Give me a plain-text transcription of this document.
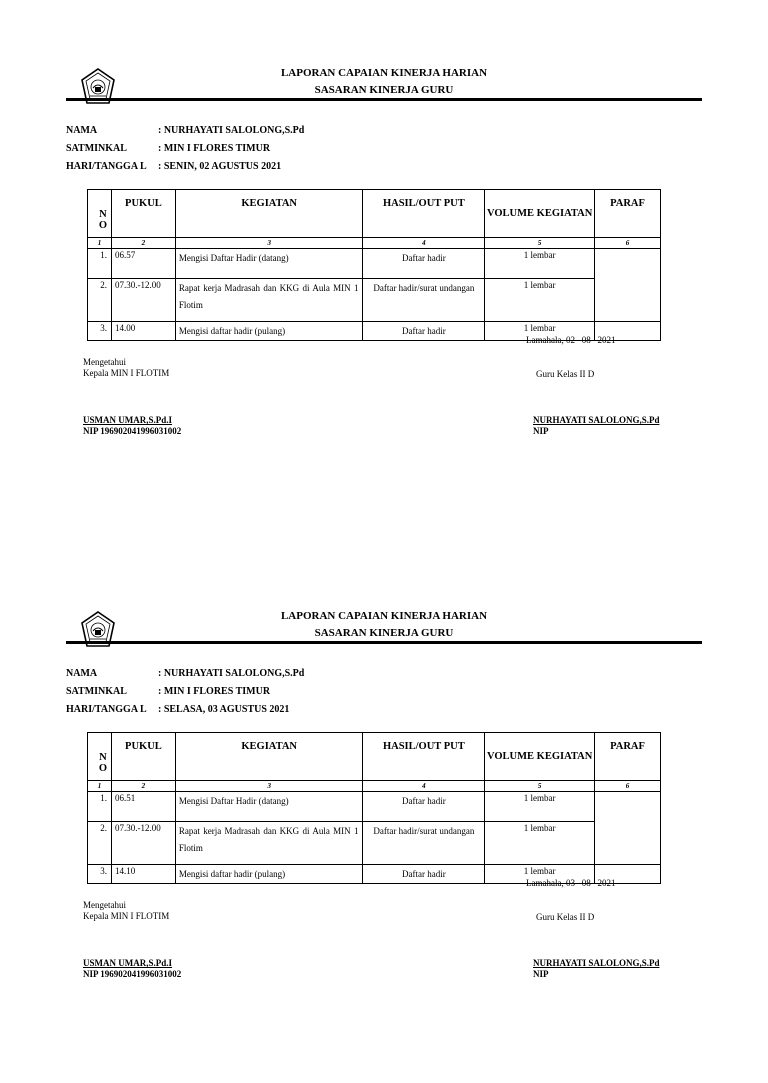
LAPORAN CAPAIAN KINERJA HARIAN
SASARAN KINERJA GURU
NAMA	: NURHAYATI SALOLONG,S.Pd
SATMINKAL	: MIN I FLORES TIMUR
HARI/TANGGA L : SENIN, 02 AGUSTUS 2021
N O	PUKUL	KEGIATAN	HASIL/OUT PUT	VOLUME KEGIATAN	PARAF
1	2	3	4	5	6
1.	06.57	Mengisi Daftar Hadir (datang)	Daftar hadir	1 lembar	
2.	07.30.-12.00	Rapat kerja Madrasah dan KKG di Aula MIN 1 Flotim	Daftar hadir/surat undangan	1 lembar	
3.	14.00	Mengisi daftar hadir (pulang)	Daftar hadir	1 lembar	
Lamahala, 02– 08– 2021
Mengetahui
Kepala MIN I FLOTIM	Guru Kelas II D
USMAN UMAR,S.Pd.I
NIP 196902041996031002
NURHAYATI SALOLONG,S.Pd
NIP
LAPORAN CAPAIAN KINERJA HARIAN
SASARAN KINERJA GURU
NAMA	: NURHAYATI SALOLONG,S.Pd
SATMINKAL	: MIN I FLORES TIMUR
HARI/TANGGA L : SELASA, 03 AGUSTUS 2021
N O	PUKUL	KEGIATAN	HASIL/OUT PUT	VOLUME KEGIATAN	PARAF
1	2	3	4	5	6
1.	06.51	Mengisi Daftar Hadir (datang)	Daftar hadir	1 lembar	
2.	07.30.-12.00	Rapat kerja Madrasah dan KKG di Aula MIN 1 Flotim	Daftar hadir/surat undangan	1 lembar	
3.	14.10	Mengisi daftar hadir (pulang)	Daftar hadir	1 lembar	
Lamahala, 03– 08– 2021
Mengetahui
Kepala MIN I FLOTIM	Guru Kelas II D
USMAN UMAR,S.Pd.I
NIP 196902041996031002
NURHAYATI SALOLONG,S.Pd
NIP
